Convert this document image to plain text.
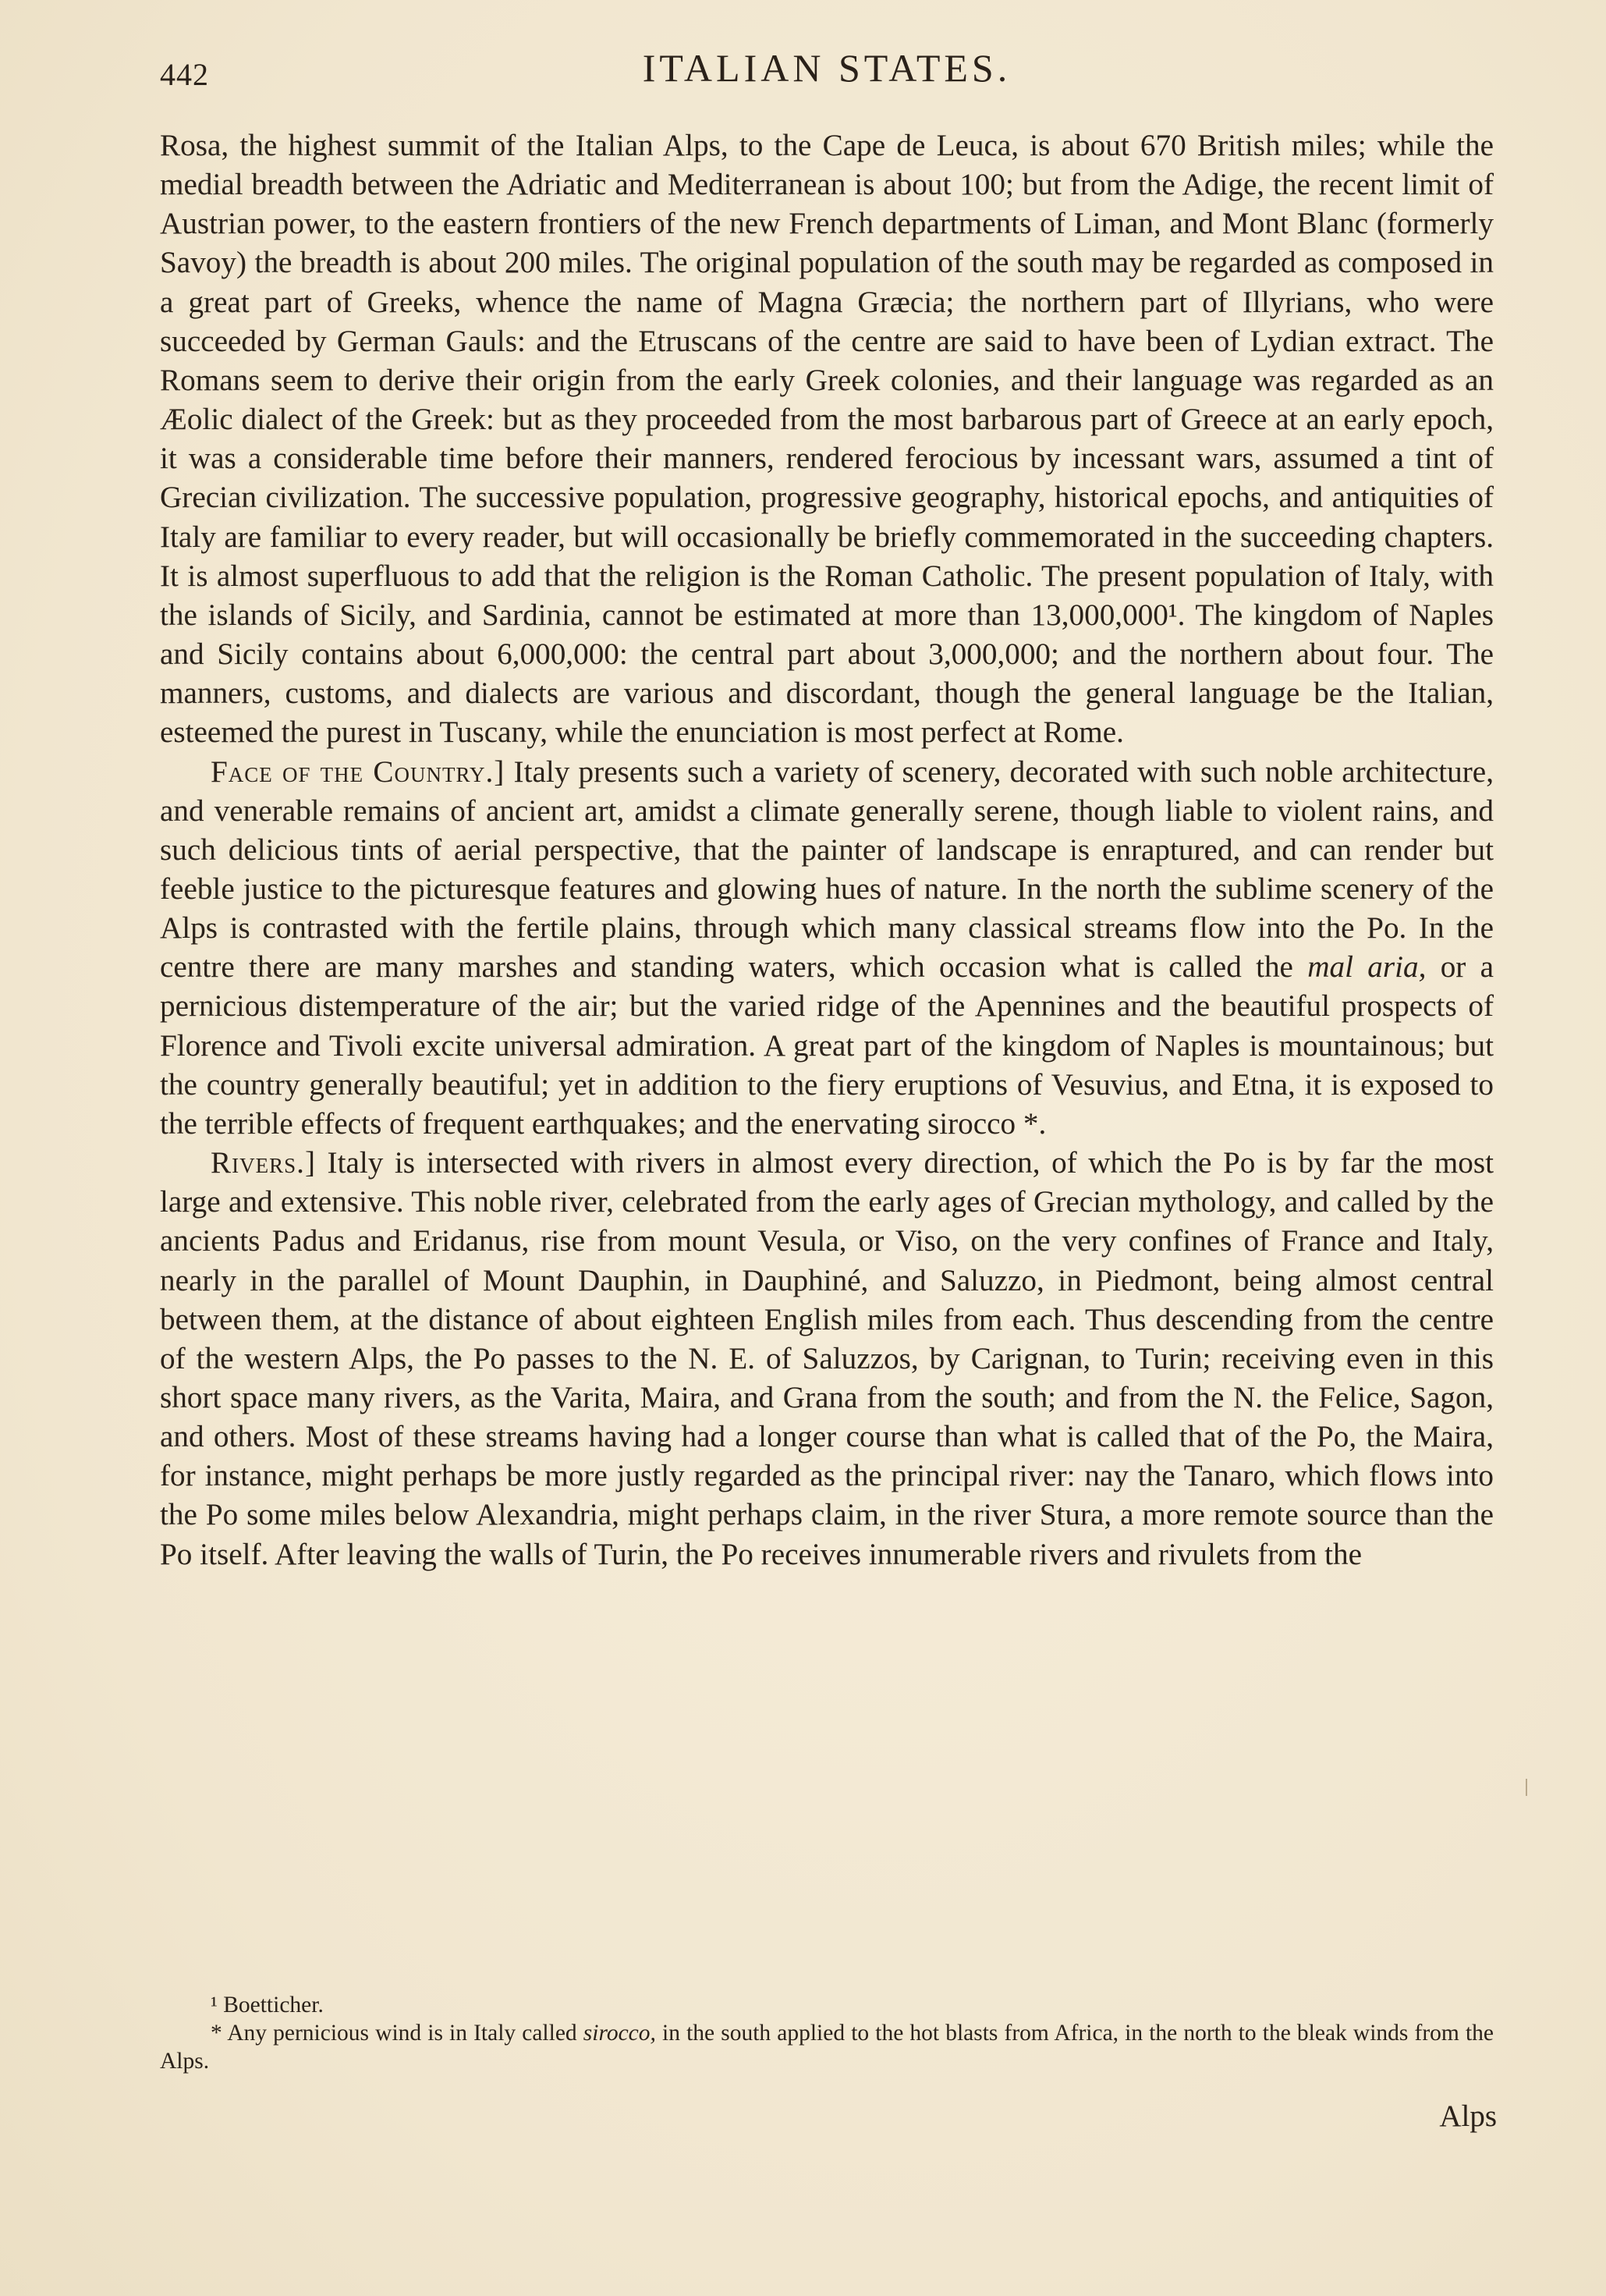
442	ITALIAN STATES.

Rosa, the highest summit of the Italian Alps, to the Cape de Leuca, is about 670 British miles; while the medial breadth between the Adriatic and Mediterranean is about 100; but from the Adige, the recent limit of Austrian power, to the eastern frontiers of the new French departments of Liman, and Mont Blanc (formerly Savoy) the breadth is about 200 miles. The original population of the south may be regarded as composed in a great part of Greeks, whence the name of Magna Græcia; the northern part of Illyrians, who were succeeded by German Gauls: and the Etruscans of the centre are said to have been of Lydian extract. The Romans seem to derive their origin from the early Greek colonies, and their language was regarded as an Æolic dialect of the Greek: but as they proceeded from the most barbarous part of Greece at an early epoch, it was a considerable time before their manners, rendered ferocious by incessant wars, assumed a tint of Grecian civilization. The successive population, progressive geography, historical epochs, and antiquities of Italy are familiar to every reader, but will occasionally be briefly commemorated in the succeeding chapters. It is almost superfluous to add that the religion is the Roman Catholic. The present population of Italy, with the islands of Sicily, and Sardinia, cannot be estimated at more than 13,000,000¹. The kingdom of Naples and Sicily contains about 6,000,000: the central part about 3,000,000; and the northern about four. The manners, customs, and dialects are various and discordant, though the general language be the Italian, esteemed the purest in Tuscany, while the enunciation is most perfect at Rome.

Face of the Country.] Italy presents such a variety of scenery, decorated with such noble architecture, and venerable remains of ancient art, amidst a climate generally serene, though liable to violent rains, and such delicious tints of aerial perspective, that the painter of landscape is enraptured, and can render but feeble justice to the picturesque features and glowing hues of nature. In the north the sublime scenery of the Alps is contrasted with the fertile plains, through which many classical streams flow into the Po. In the centre there are many marshes and standing waters, which occasion what is called the mal aria, or a pernicious distemperature of the air; but the varied ridge of the Apennines and the beautiful prospects of Florence and Tivoli excite universal admiration. A great part of the kingdom of Naples is mountainous; but the country generally beautiful; yet in addition to the fiery eruptions of Vesuvius, and Etna, it is exposed to the terrible effects of frequent earthquakes; and the enervating sirocco *.

Rivers.] Italy is intersected with rivers in almost every direction, of which the Po is by far the most large and extensive. This noble river, celebrated from the early ages of Grecian mythology, and called by the ancients Padus and Eridanus, rise from mount Vesula, or Viso, on the very confines of France and Italy, nearly in the parallel of Mount Dauphin, in Dauphiné, and Saluzzo, in Piedmont, being almost central between them, at the distance of about eighteen English miles from each. Thus descending from the centre of the western Alps, the Po passes to the N. E. of Saluzzos, by Carignan, to Turin; receiving even in this short space many rivers, as the Varita, Maira, and Grana from the south; and from the N. the Felice, Sagon, and others. Most of these streams having had a longer course than what is called that of the Po, the Maira, for instance, might perhaps be more justly regarded as the principal river: nay the Tanaro, which flows into the Po some miles below Alexandria, might perhaps claim, in the river Stura, a more remote source than the Po itself. After leaving the walls of Turin, the Po receives innumerable rivers and rivulets from the

¹ Boetticher.

* Any pernicious wind is in Italy called sirocco, in the south applied to the hot blasts from Africa, in the north to the bleak winds from the Alps.

Alps
